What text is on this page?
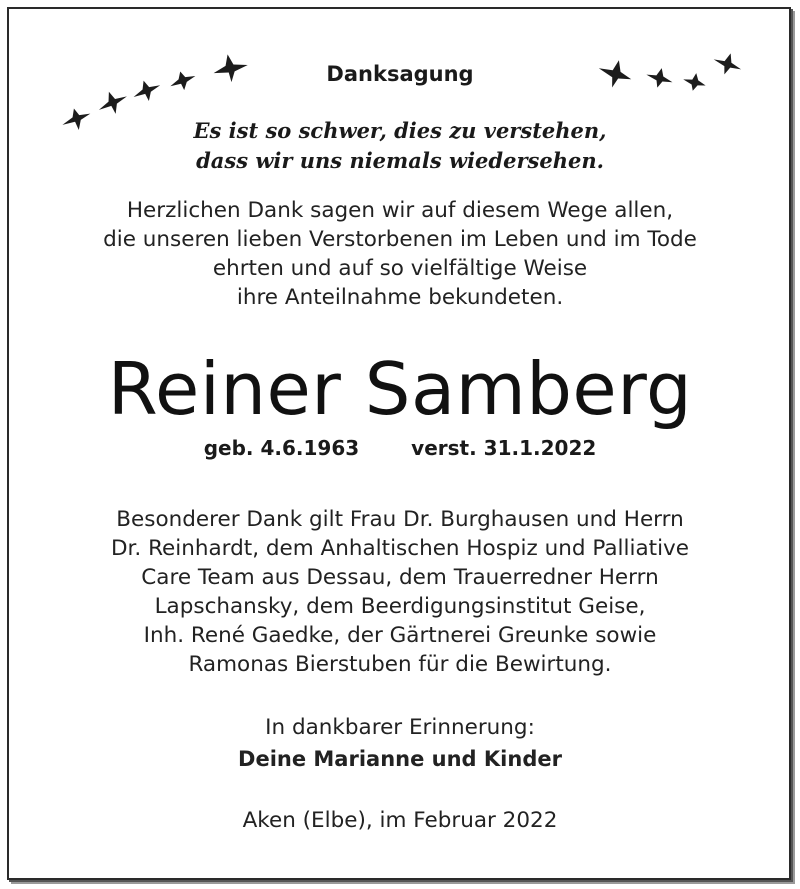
Danksagung
Es ist so schwer, dies zu verstehen,
dass wir uns niemals wiedersehen.
Herzlichen Dank sagen wir auf diesem Wege allen,
die unseren lieben Verstorbenen im Leben und im Tode
ehrten und auf so vielfältige Weise
ihre Anteilnahme bekundeten.
Reiner Samberg
geb. 4.6.1963	verst. 31.1.2022
Besonderer Dank gilt Frau Dr. Burghausen und Herrn
Dr. Reinhardt, dem Anhaltischen Hospiz und Palliative
Care Team aus Dessau, dem Trauerredner Herrn
Lapschansky, dem Beerdigungsinstitut Geise,
Inh. René Gaedke, der Gärtnerei Greunke sowie
Ramonas Bierstuben für die Bewirtung.
In dankbarer Erinnerung:
Deine Marianne und Kinder
Aken (Elbe), im Februar 2022
